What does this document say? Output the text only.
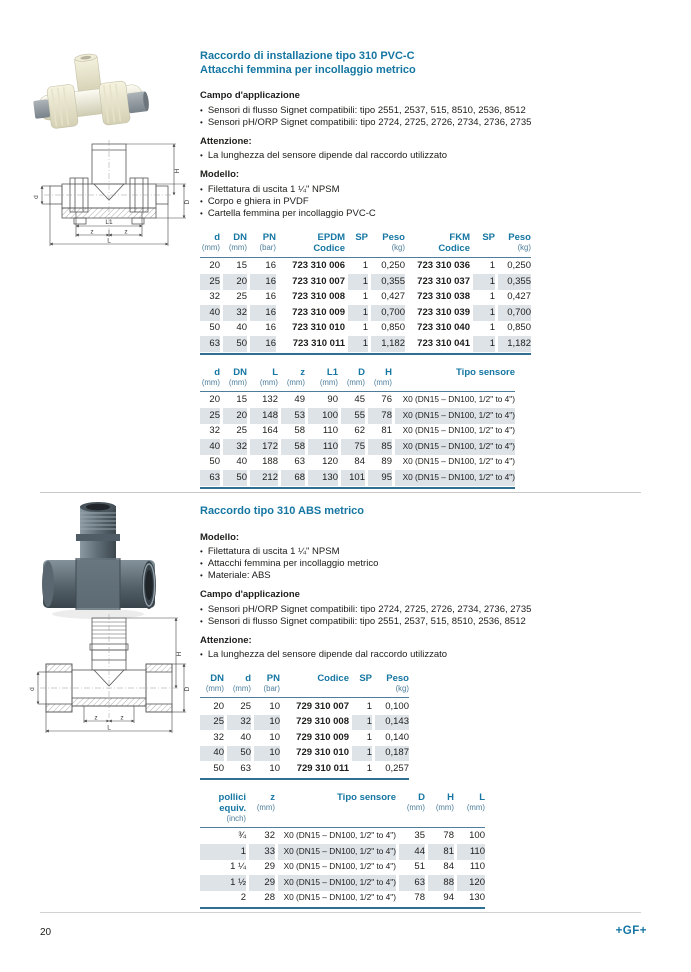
d
H
D
L1
z	z
L
Raccordo di installazione tipo 310 PVC-C
Attacchi femmina per incollaggio metrico
Campo d'applicazione
• Sensori di flusso Signet compatibili: tipo 2551, 2537, 515, 8510, 2536, 8512
• Sensori pH/ORP Signet compatibili: tipo 2724, 2725, 2726, 2734, 2736, 2735
Attenzione:
• La lunghezza del sensore dipende dal raccordo utilizzato
Modello:
• Filettatura di uscita 1 ¼" NPSM
• Corpo e ghiera in PVDF
• Cartella femmina per incollaggio PVC-C
d
(mm)
DN
(mm)
PN
(bar)
EPDM
Codice
SP	Peso
(kg)
FKM
Codice
SP	Peso
(kg)
20	15	16	723 310 006	1	0,250	723 310 036	1	0,250
25	20	16	723 310 007	1	0,355	723 310 037	1	0,355
32	25	16	723 310 008	1	0,427	723 310 038	1	0,427
40	32	16	723 310 009	1	0,700	723 310 039	1	0,700
50	40	16	723 310 010	1	0,850	723 310 040	1	0,850
63	50	16	723 310 011	1	1,182	723 310 041	1	1,182
d
(mm)
DN
(mm)
L
(mm)
z
(mm)
L1
(mm)
D
(mm)
H
(mm)
Tipo sensore
20	15	132	49	90	45	76	X0 (DN15 – DN100, 1/2" to 4")
25	20	148	53	100	55	78	X0 (DN15 – DN100, 1/2" to 4")
32	25	164	58	110	62	81	X0 (DN15 – DN100, 1/2" to 4")
40	32	172	58	110	75	85	X0 (DN15 – DN100, 1/2" to 4")
50	40	188	63	120	84	89	X0 (DN15 – DN100, 1/2" to 4")
63	50	212	68	130	101	95	X0 (DN15 – DN100, 1/2" to 4")
d
H
D
z	z
L
Raccordo tipo 310 ABS metrico
Modello:
• Filettatura di uscita 1 ¼" NPSM
• Attacchi femmina per incollaggio metrico
• Materiale: ABS
Campo d'applicazione
• Sensori pH/ORP Signet compatibili: tipo 2724, 2725, 2726, 2734, 2736, 2735
• Sensori di flusso Signet compatibili: tipo 2551, 2537, 515, 8510, 2536, 8512
Attenzione:
• La lunghezza del sensore dipende dal raccordo utilizzato
DN
(mm)
d
(mm)
PN
(bar)
Codice	SP	Peso
(kg)
20	25	10	729 310 007	1	0,100
25	32	10	729 310 008	1	0,143
32	40	10	729 310 009	1	0,140
40	50	10	729 310 010	1	0,187
50	63	10	729 310 011	1	0,257
pollici
equiv.
(inch)
z
(mm)
Tipo sensore	D
(mm)
H
(mm)
L
(mm)
¾	32	X0 (DN15 – DN100, 1/2" to 4")	35	78	100
1	33	X0 (DN15 – DN100, 1/2" to 4")	44	81	110
1 ¼	29	X0 (DN15 – DN100, 1/2" to 4")	51	84	110
1 ½	29	X0 (DN15 – DN100, 1/2" to 4")	63	88	120
2	28	X0 (DN15 – DN100, 1/2" to 4")	78	94	130
20	+GF+
